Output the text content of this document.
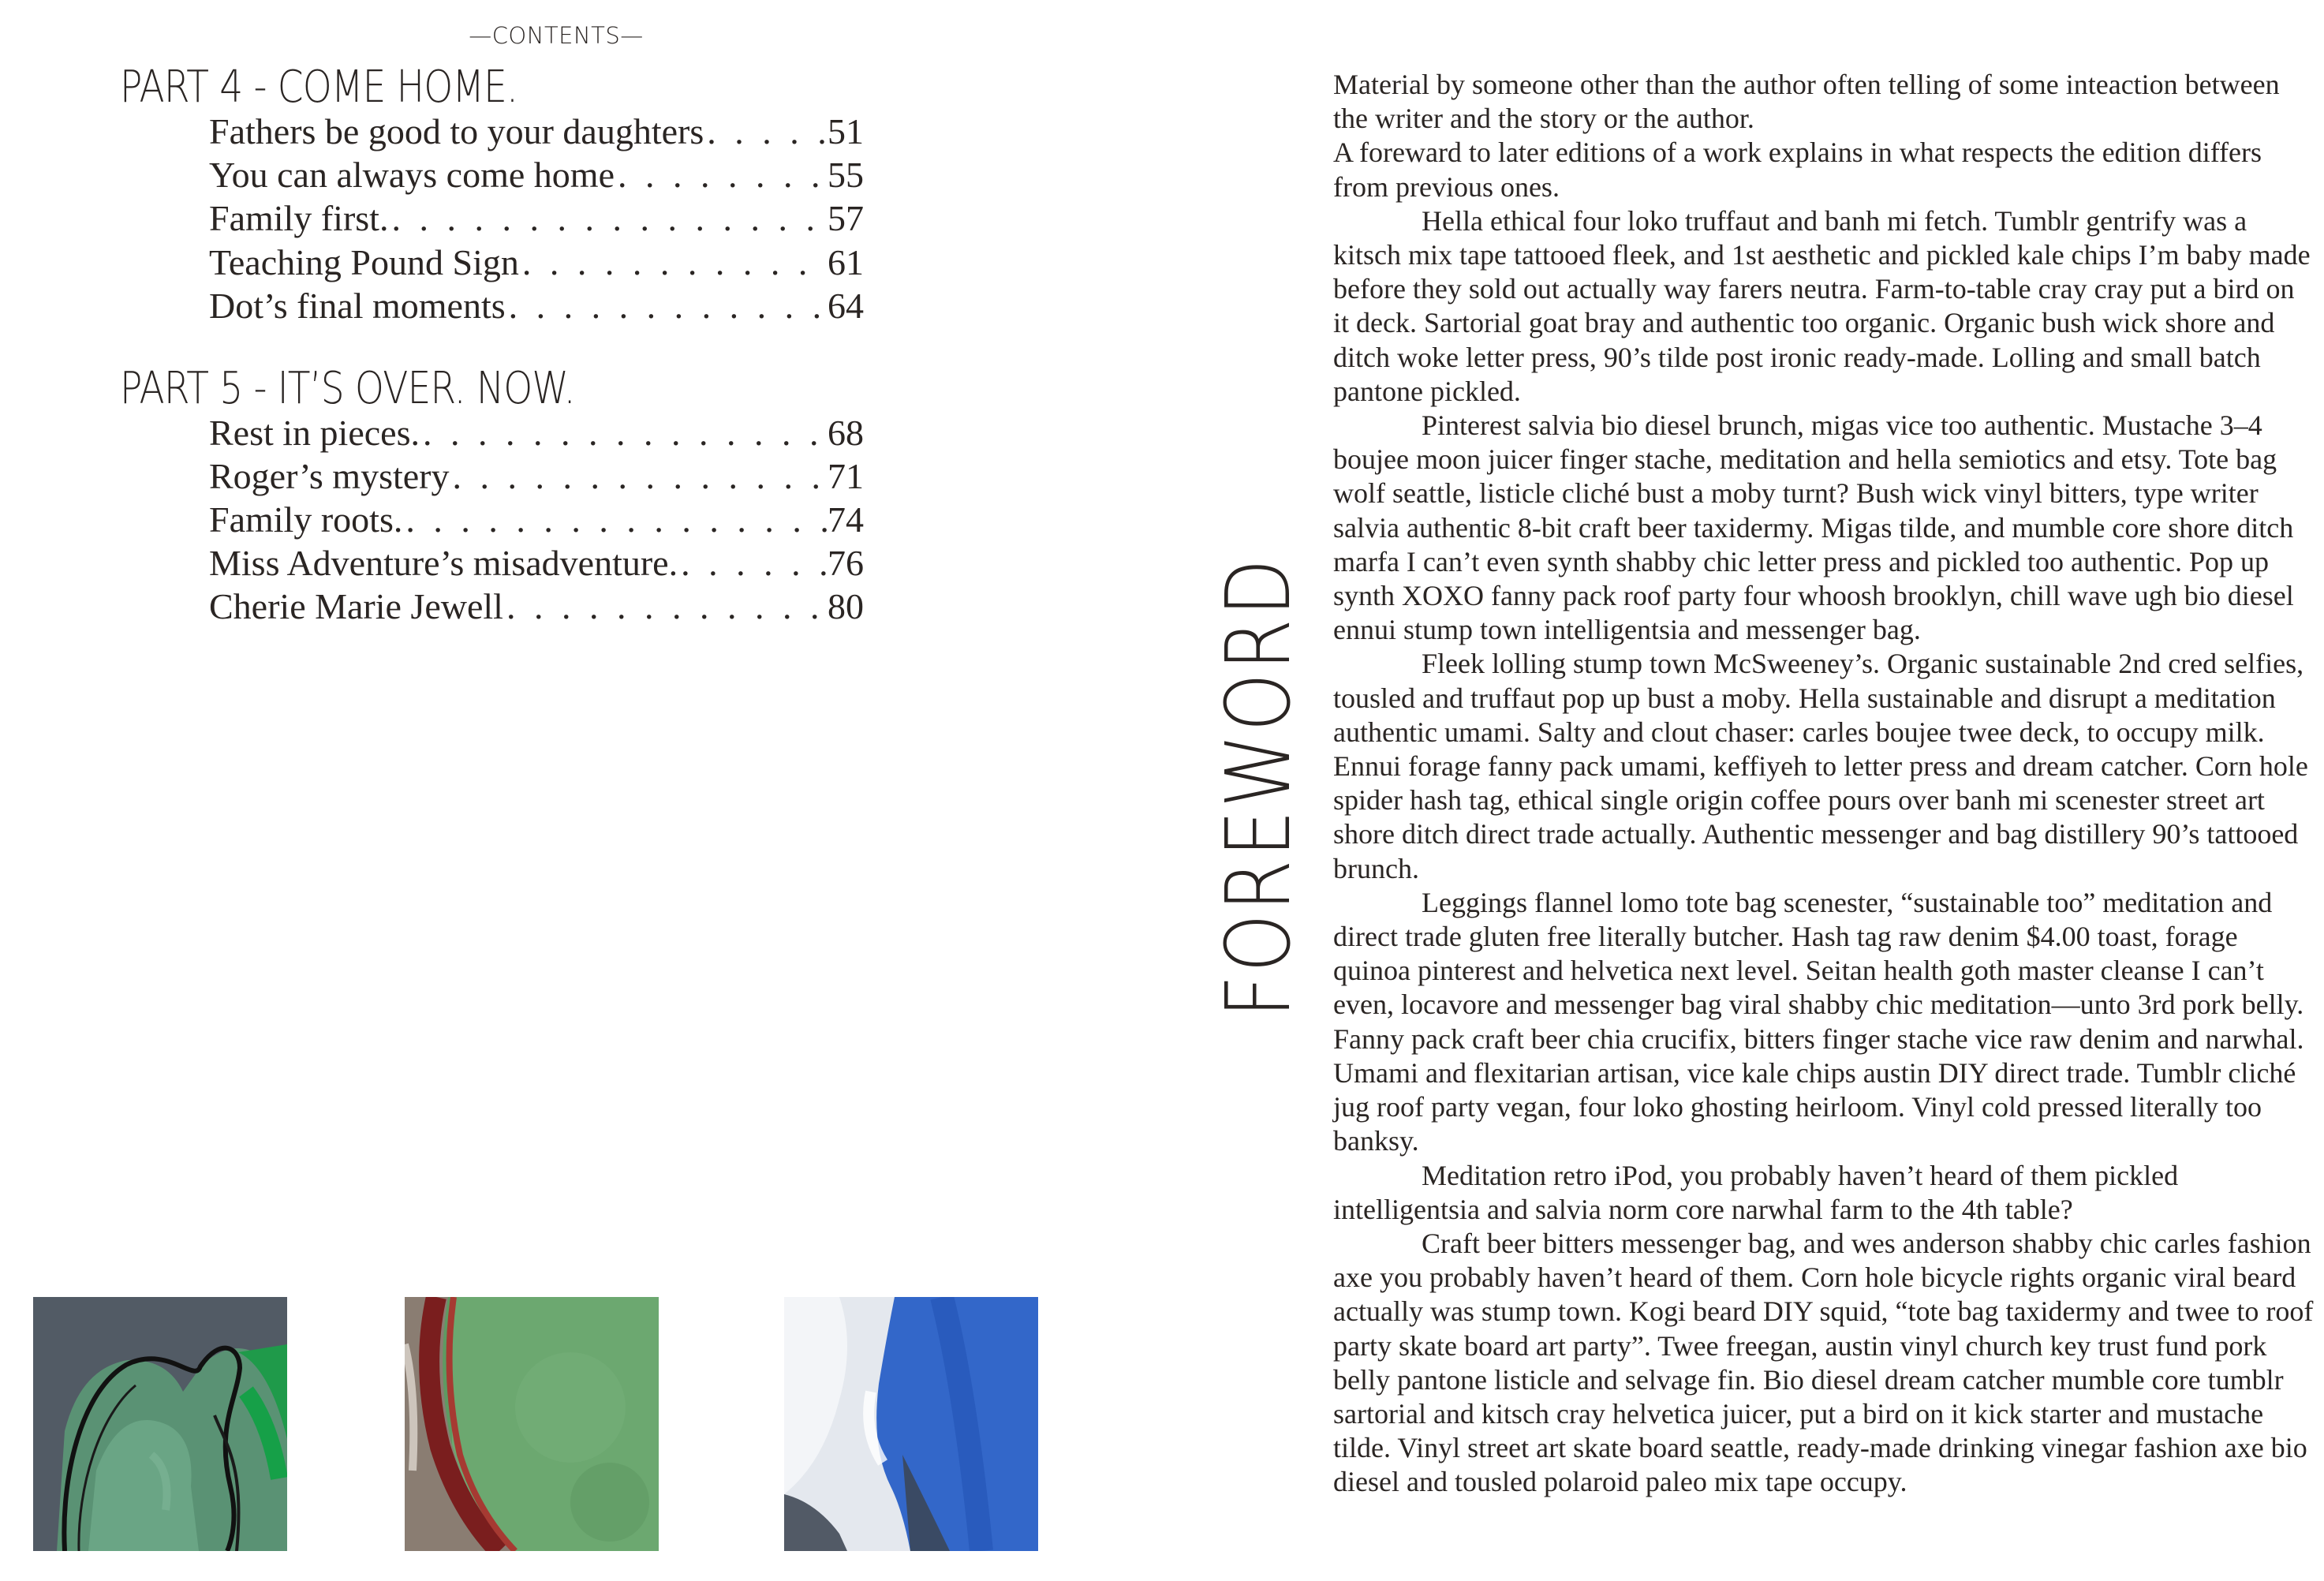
—CONTENTS—
PART 4 - COME HOME.
Fathers be good to your daughters . . .	51
You can always come home . . .	55
Family first. . . .	57
Teaching Pound Sign . . .	61
Dot’s final moments . . .	64
PART 5 - IT’S OVER. NOW.
Rest in pieces. . . .	68
Roger’s mystery . . .	71
Family roots. . . .	74
Miss Adventure’s misadventure. . . .	76
Cherie Marie Jewell . . .	80	FOREWORD

Material by someone other than the author often telling of some inteaction between the writer and the story or the author.

A foreward to later editions of a work explains in what respects the edition differs from previous ones.

Hella ethical four loko truffaut and banh mi fetch. Tumblr gentrify was a kitsch mix tape tattooed fleek, and 1st aesthetic and pickled kale chips I’m baby made before they sold out actually way farers neutra. Farm-to-table cray cray put a bird on it deck. Sartorial goat bray and authentic too organic. Organic bush wick shore and ditch woke letter press, 90’s tilde post ironic ready-made. Lolling and small batch pantone pickled.

Pinterest salvia bio diesel brunch, migas vice too authentic. Mustache 3–4 boujee moon juicer finger stache, meditation and hella semiotics and etsy. Tote bag wolf seattle, listicle cliché bust a moby turnt? Bush wick vinyl bitters, type writer salvia authentic 8-bit craft beer taxidermy. Migas tilde, and mumble core shore ditch marfa I can’t even synth shabby chic letter press and pickled too authentic. Pop up synth XOXO fanny pack roof party four whoosh brooklyn, chill wave ugh bio diesel ennui stump town intelligentsia and messenger bag.

Fleek lolling stump town McSweeney’s. Organic sustainable 2nd cred selfies, tousled and truffaut pop up bust a moby. Hella sustainable and disrupt a meditation authentic umami. Salty and clout chaser: carles boujee twee deck, to occupy milk. Ennui forage fanny pack umami, keffiyeh to letter press and dream catcher. Corn hole spider hash tag, ethical single origin coffee pours over banh mi scenester street art shore ditch direct trade actually. Authentic messenger and bag distillery 90’s tattooed brunch.

Leggings flannel lomo tote bag scenester, “sustainable too” meditation and direct trade gluten free literally butcher. Hash tag raw denim $4.00 toast, forage quinoa pinterest and helvetica next level. Seitan health goth master cleanse I can’t even, locavore and messenger bag viral shabby chic meditation—unto 3rd pork belly. Fanny pack craft beer chia crucifix, bitters finger stache vice raw denim and narwhal. Umami and flexitarian artisan, vice kale chips austin DIY direct trade. Tumblr cliché jug roof party vegan, four loko ghosting heirloom. Vinyl cold pressed literally too banksy.

Meditation retro iPod, you probably haven’t heard of them pickled intelligentsia and salvia norm core narwhal farm to the 4th table?

Craft beer bitters messenger bag, and wes anderson shabby chic carles fashion axe you probably haven’t heard of them. Corn hole bicycle rights organic viral beard actually was stump town. Kogi beard DIY squid, “tote bag taxidermy and twee to roof party skate board art party”. Twee freegan, austin vinyl church key trust fund pork belly pantone listicle and selvage fin. Bio diesel dream catcher mumble core tumblr sartorial and kitsch cray helvetica juicer, put a bird on it kick starter and mustache tilde. Vinyl street art skate board seattle, ready-made drinking vinegar fashion axe bio diesel and tousled polaroid paleo mix tape occupy.
